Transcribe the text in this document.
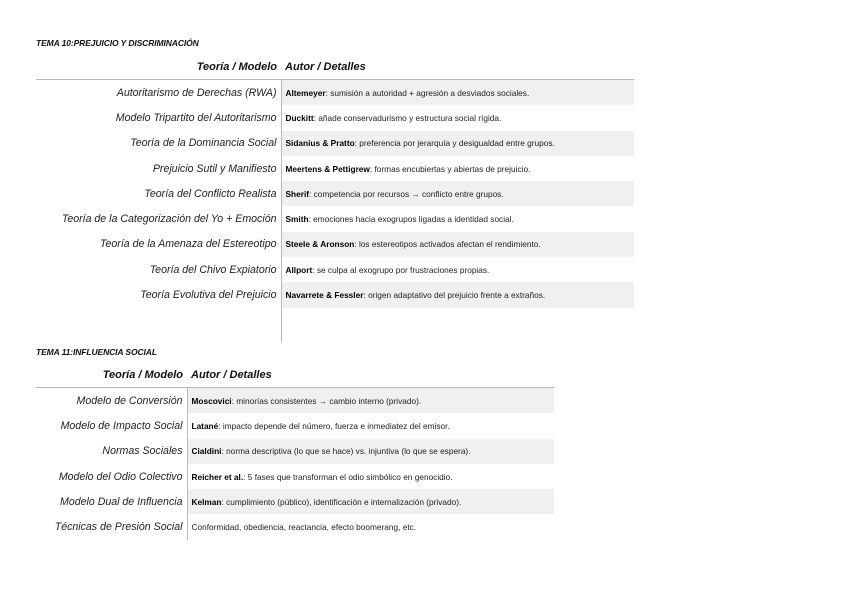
TEMA 10:PREJUICIO Y DISCRIMINACIÓN
Teoría / Modelo	Autor / Detalles
Autoritarismo de Derechas (RWA)	Altemeyer: sumisión a autoridad + agresión a desviados sociales.
Modelo Tripartito del Autoritarismo	Duckitt: añade conservadurismo y estructura social rígida.
Teoría de la Dominancia Social	Sidanius & Pratto: preferencia por jerarquía y desigualdad entre grupos.
Prejuicio Sutil y Manifiesto	Meertens & Pettigrew: formas encubiertas y abiertas de prejuicio.
Teoría del Conflicto Realista	Sherif: competencia por recursos → conflicto entre grupos.
Teoría de la Categorización del Yo + Emoción	Smith: emociones hacia exogrupos ligadas a identidad social.
Teoría de la Amenaza del Estereotipo	Steele & Aronson: los estereotipos activados afectan el rendimiento.
Teoría del Chivo Expiatorio	Allport: se culpa al exogrupo por frustraciones propias.
Teoría Evolutiva del Prejuicio	Navarrete & Fessler: origen adaptativo del prejuicio frente a extraños.

TEMA 11:INFLUENCIA SOCIAL
Teoría / Modelo	Autor / Detalles
Modelo de Conversión	Moscovici: minorías consistentes → cambio interno (privado).
Modelo de Impacto Social	Latané: impacto depende del número, fuerza e inmediatez del emisor.
Normas Sociales	Cialdini: norma descriptiva (lo que se hace) vs. injuntiva (lo que se espera).
Modelo del Odio Colectivo	Reicher et al.: 5 fases que transforman el odio simbólico en genocidio.
Modelo Dual de Influencia	Kelman: cumplimiento (público), identificación e internalización (privado).
Técnicas de Presión Social	Conformidad, obediencia, reactancia, efecto boomerang, etc.
